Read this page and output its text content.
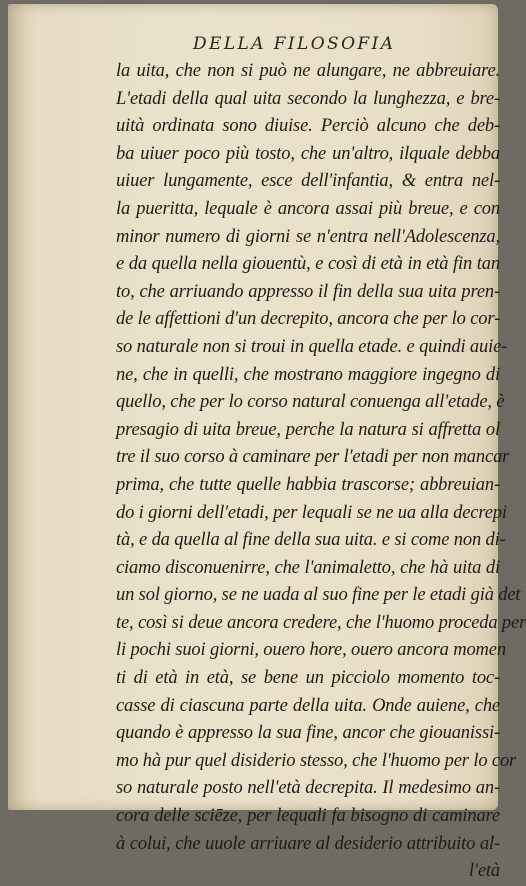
DELLA FILOSOFIA
la uita, che non si può ne alungare, ne abbreuiare.
L'etadi della qual uita secondo la lunghezza, e bre-
uità ordinata sono diuise. Perciò alcuno che deb-
ba uiuer poco più tosto, che un'altro, ilquale debba
uiuer lungamente, esce dell'infantia, & entra nel-
la pueritta, lequale è ancora assai più breue, e con
minor numero di giorni se n'entra nell'Adolescenza,
e da quella nella giouentù, e così di età in età fin tan
to, che arriuando appresso il fin della sua uita pren-
de le affettioni d'un decrepito, ancora che per lo cor-
so naturale non si troui in quella etade. e quindi auie-
ne, che in quelli, che mostrano maggiore ingegno di
quello, che per lo corso natural conuenga all'etade, è
presagio di uita breue, perche la natura si affretta ol
tre il suo corso à caminare per l'etadi per non mancar
prima, che tutte quelle habbia trascorse; abbreuian-
do i giorni dell'etadi, per lequali se ne ua alla decrepi
tà, e da quella al fine della sua uita. e si come non di-
ciamo disconuenirre, che l'animaletto, che hà uita di
un sol giorno, se ne uada al suo fine per le etadi già det
te, così si deue ancora credere, che l'huomo proceda per
li pochi suoi giorni, ouero hore, ouero ancora momen
ti di età in età, se bene un picciolo momento toc-
casse di ciascuna parte della uita. Onde auiene, che
quando è appresso la sua fine, ancor che giouanissi-
mo hà pur quel disiderio stesso, che l'huomo per lo cor
so naturale posto nell'età decrepita. Il medesimo an-
cora delle sciēze, per lequali fa bisogno di caminare
à colui, che uuole arriuare al desiderio attribuito al-
l'età
